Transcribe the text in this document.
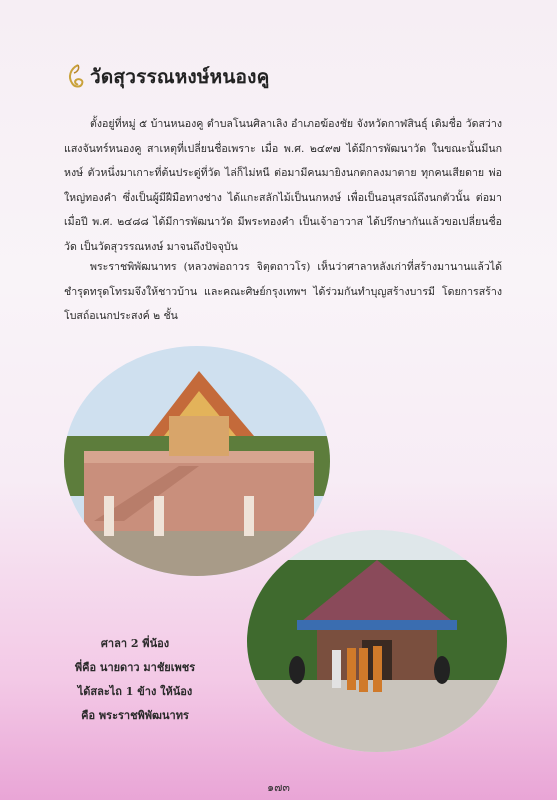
วัดสุวรรณหงษ์หนองคู

ตั้งอยู่ที่หมู่ ๕ บ้านหนองคู ตำบลโนนศิลาเลิง อำเภอฆ้องชัย จังหวัดกาฬสินธุ์ เดิมชื่อ วัดสว่างแสงจันทร์หนองคู สาเหตุที่เปลี่ยนชื่อเพราะ เมื่อ พ.ศ. ๒๔๙๗ ได้มีการพัฒนาวัด ในขณะนั้นมีนกหงษ์ ตัวหนึ่งมาเกาะที่ต้นประดู่ที่วัด ไล่ก็ไม่หนี ต่อมามีคนมายิงนกตกลงมาตาย ทุกคนเสียดาย พ่อใหญ่ทองคำ ซึ่งเป็นผู้มีฝีมือทางช่าง ได้แกะสลักไม้เป็นนกหงษ์ เพื่อเป็นอนุสรณ์ถึงนกตัวนั้น ต่อมาเมื่อปี พ.ศ. ๒๔๘๘ ได้มีการพัฒนาวัด มีพระทองคำ เป็นเจ้าอาวาส ได้ปรึกษากันแล้วขอเปลี่ยนชื่อวัด เป็นวัดสุวรรณหงษ์ มาจนถึงปัจจุบัน

พระราชพิพัฒนาทร (หลวงพ่อถาวร จิตฺตถาวโร) เห็นว่าศาลาหลังเก่าที่สร้างมานานแล้วได้ชำรุดทรุดโทรมจึงให้ชาวบ้าน และคณะศิษย์กรุงเทพฯ ได้ร่วมกันทำบุญสร้างบารมี โดยการสร้างโบสถ์อเนกประสงค์ ๒ ชั้น

ศาลา 2 พี่น้อง
พี่คือ นายดาว มาชัยเพชร
ได้สละไถ 1 ข้าง ให้น้อง
คือ พระราชพิพัฒนาทร
๑๗๓
